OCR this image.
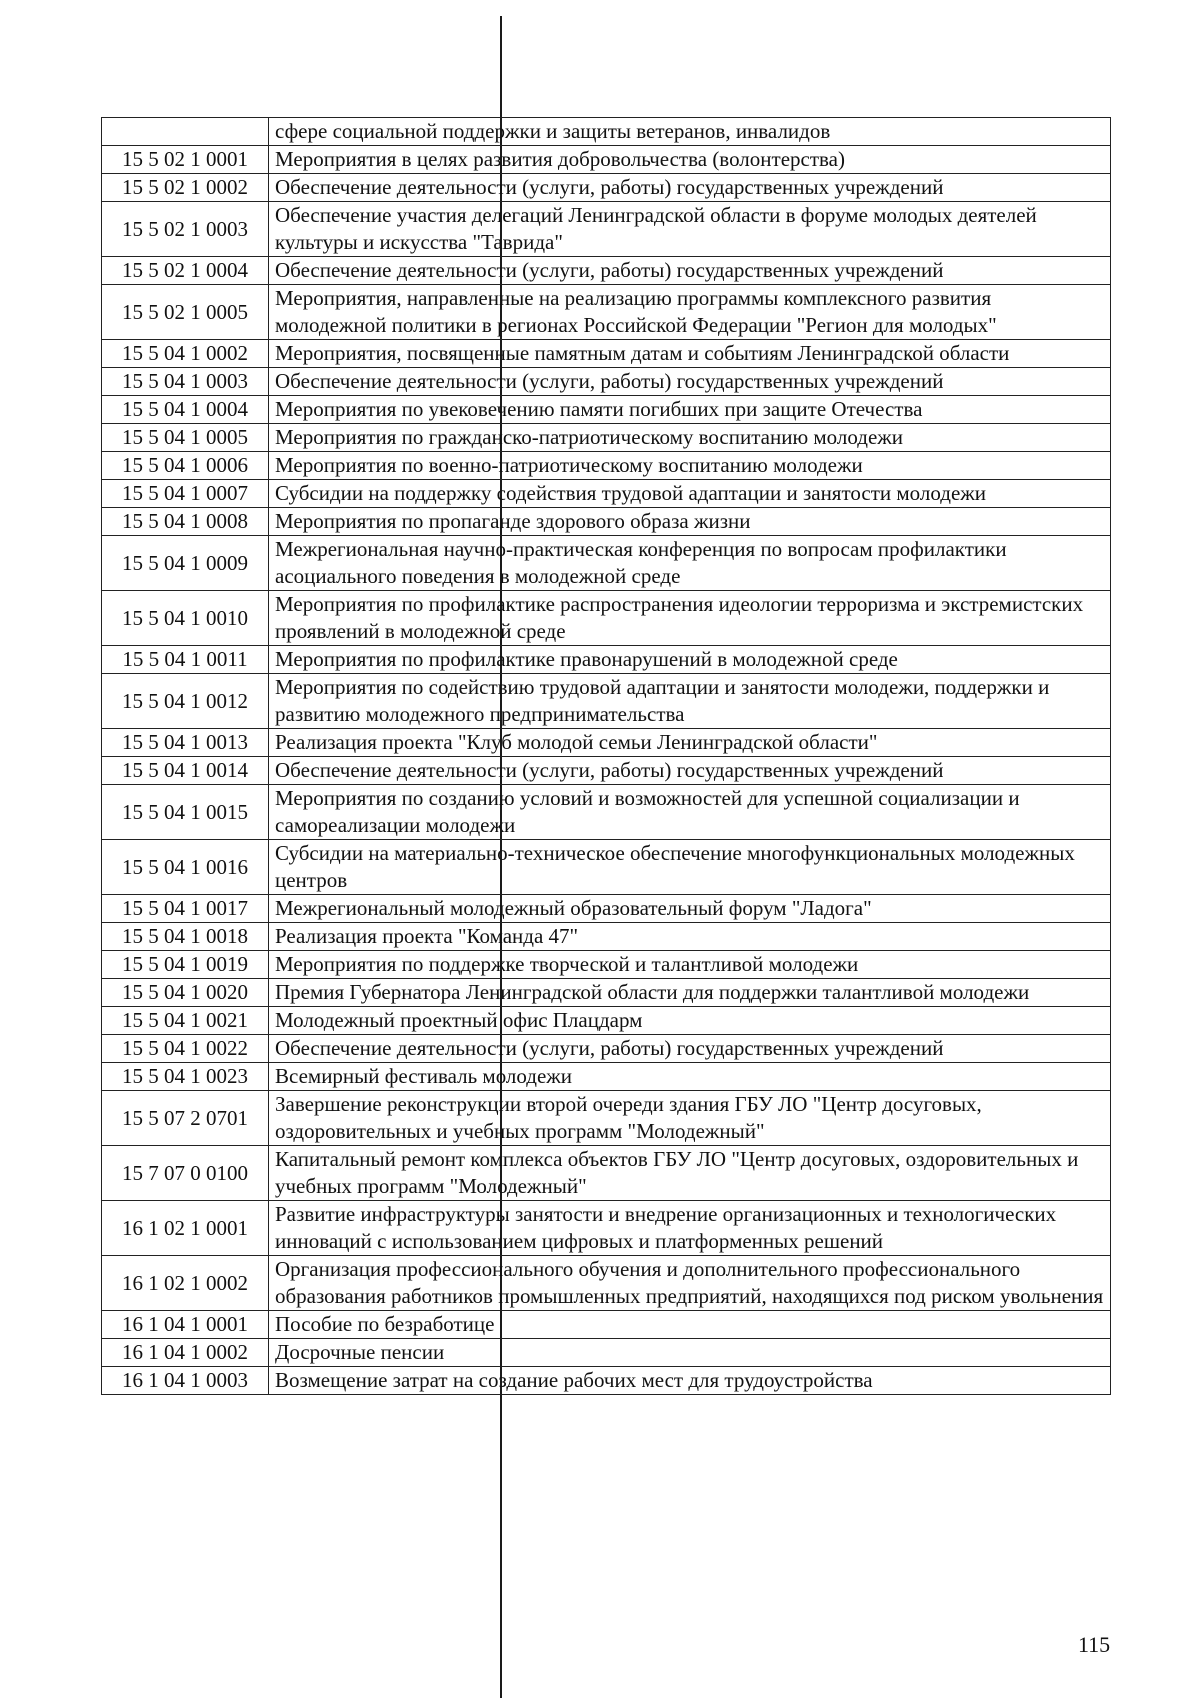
	сфере социальной поддержки и защиты ветеранов, инвалидов
15 5 02 1 0001	Мероприятия в целях развития добровольчества (волонтерства)
15 5 02 1 0002	Обеспечение деятельности (услуги, работы) государственных учреждений
15 5 02 1 0003	Обеспечение участия делегаций Ленинградской области в форуме молодых деятелей культуры и искусства "Таврида"
15 5 02 1 0004	Обеспечение деятельности (услуги, работы) государственных учреждений
15 5 02 1 0005	Мероприятия, направленные на реализацию программы комплексного развития молодежной политики в регионах Российской Федерации "Регион для молодых"
15 5 04 1 0002	Мероприятия, посвященные памятным датам и событиям Ленинградской области
15 5 04 1 0003	Обеспечение деятельности (услуги, работы) государственных учреждений
15 5 04 1 0004	Мероприятия по увековечению памяти погибших при защите Отечества
15 5 04 1 0005	Мероприятия по гражданско-патриотическому воспитанию молодежи
15 5 04 1 0006	Мероприятия по военно-патриотическому воспитанию молодежи
15 5 04 1 0007	Субсидии на поддержку содействия трудовой адаптации и занятости молодежи
15 5 04 1 0008	Мероприятия по пропаганде здорового образа жизни
15 5 04 1 0009	Межрегиональная научно-практическая конференция по вопросам профилактики асоциального поведения в молодежной среде
15 5 04 1 0010	Мероприятия по профилактике распространения идеологии терроризма и экстремистских проявлений в молодежной среде
15 5 04 1 0011	Мероприятия по профилактике правонарушений в молодежной среде
15 5 04 1 0012	Мероприятия по содействию трудовой адаптации и занятости молодежи, поддержки и развитию молодежного предпринимательства
15 5 04 1 0013	Реализация проекта "Клуб молодой семьи Ленинградской области"
15 5 04 1 0014	Обеспечение деятельности (услуги, работы) государственных учреждений
15 5 04 1 0015	Мероприятия по созданию условий и возможностей для успешной социализации и самореализации молодежи
15 5 04 1 0016	Субсидии на материально-техническое обеспечение многофункциональных молодежных центров
15 5 04 1 0017	Межрегиональный молодежный образовательный форум "Ладога"
15 5 04 1 0018	Реализация проекта "Команда 47"
15 5 04 1 0019	Мероприятия по поддержке творческой и талантливой молодежи
15 5 04 1 0020	Премия Губернатора Ленинградской области для поддержки талантливой молодежи
15 5 04 1 0021	Молодежный проектный офис Плацдарм
15 5 04 1 0022	Обеспечение деятельности (услуги, работы) государственных учреждений
15 5 04 1 0023	Всемирный фестиваль молодежи
15 5 07 2 0701	Завершение реконструкции второй очереди здания ГБУ ЛО "Центр досуговых, оздоровительных и учебных программ "Молодежный"
15 7 07 0 0100	Капитальный ремонт комплекса объектов ГБУ ЛО "Центр досуговых, оздоровительных и учебных программ "Молодежный"
16 1 02 1 0001	Развитие инфраструктуры занятости и внедрение организационных и технологических инноваций с использованием цифровых и платформенных решений
16 1 02 1 0002	Организация профессионального обучения и дополнительного профессионального образования работников промышленных предприятий, находящихся под риском увольнения
16 1 04 1 0001	Пособие по безработице
16 1 04 1 0002	Досрочные пенсии
16 1 04 1 0003	Возмещение затрат на создание рабочих мест для трудоустройства
115
